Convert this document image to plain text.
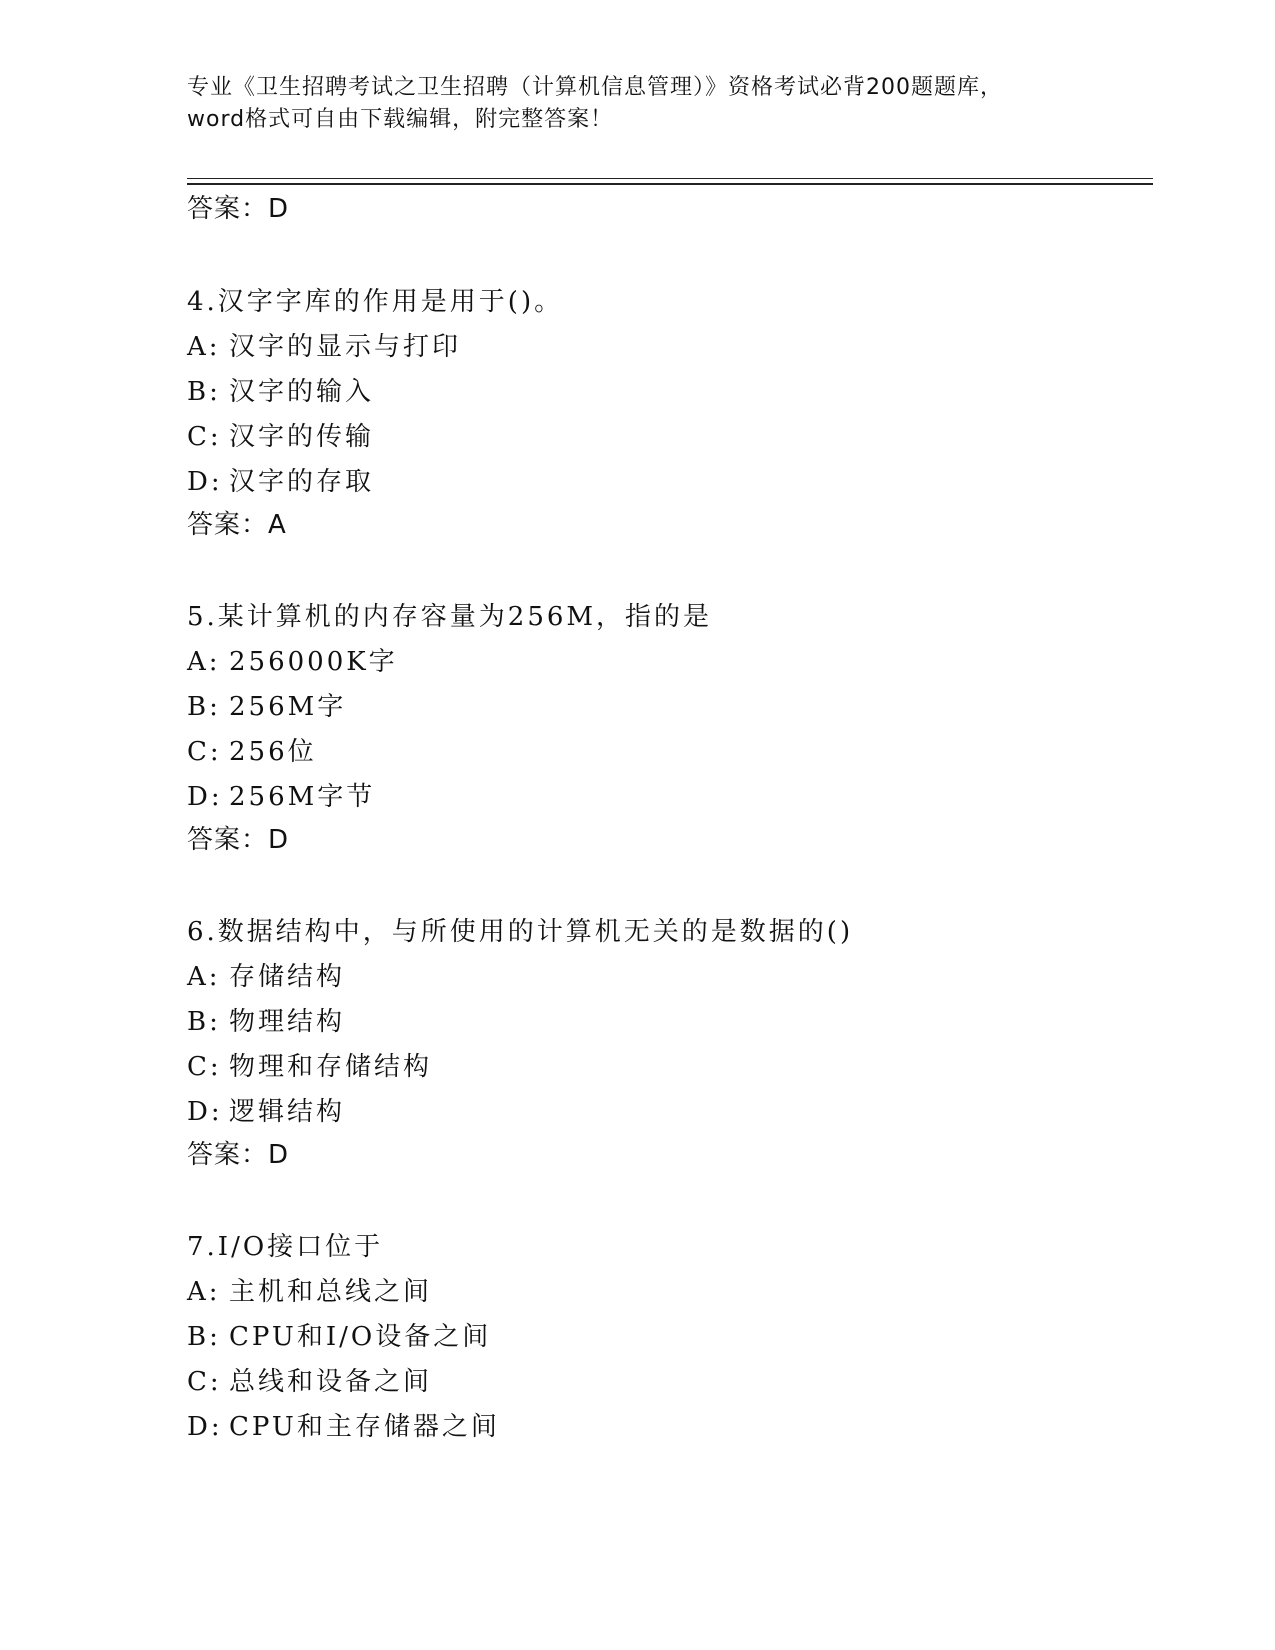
专业《卫生招聘考试之卫生招聘（计算机信息管理）》资格考试必背200题题库，
word格式可自由下载编辑，附完整答案！
答案：D
4.汉字字库的作用是用于()。
A: 汉字的显示与打印
B: 汉字的输入
C: 汉字的传输
D: 汉字的存取
答案：A
5.某计算机的内存容量为256M，指的是
A: 256000K字
B: 256M字
C: 256位
D: 256M字节
答案：D
6.数据结构中，与所使用的计算机无关的是数据的()
A: 存储结构
B: 物理结构
C: 物理和存储结构
D: 逻辑结构
答案：D
7.I/O接口位于
A: 主机和总线之间
B: CPU和I/O设备之间
C: 总线和设备之间
D: CPU和主存储器之间
